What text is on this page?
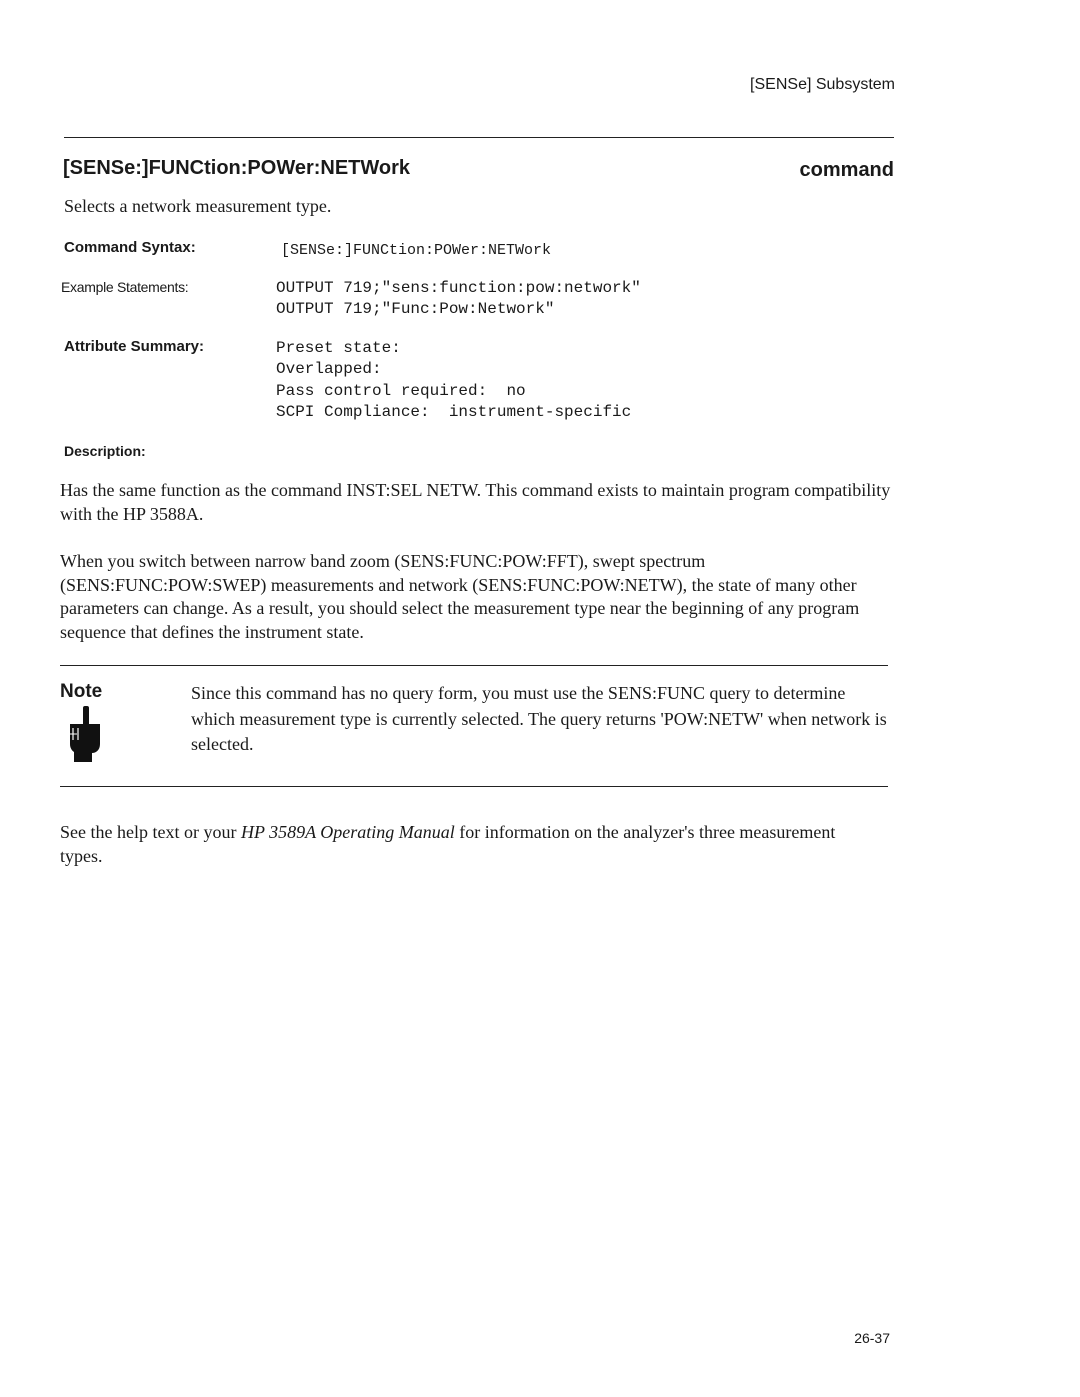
[SENSe] Subsystem
[SENSe:]FUNCtion:POWer:NETWork	command
Selects a network measurement type.
Command Syntax:	[SENSe:]FUNCtion:POWer:NETWork
Example Statements:	OUTPUT 719;"sens:function:pow:network"
OUTPUT 719;"Func:Pow:Network"
Attribute Summary:	Preset state:
Overlapped:
Pass control required:  no
SCPI Compliance:  instrument-specific
Description:

Has the same function as the command INST:SEL NETW. This command exists to maintain program compatibility with the HP 3588A.

When you switch between narrow band zoom (SENS:FUNC:POW:FFT), swept spectrum (SENS:FUNC:POW:SWEP) measurements and network (SENS:FUNC:POW:NETW), the state of many other parameters can change. As a result, you should select the measurement type near the beginning of any program sequence that defines the instrument state.

Note	Since this command has no query form, you must use the SENS:FUNC query to determine which measurement type is currently selected. The query returns 'POW:NETW' when network is selected.

See the help text or your HP 3589A Operating Manual for information on the analyzer's three measurement types.

26-37
